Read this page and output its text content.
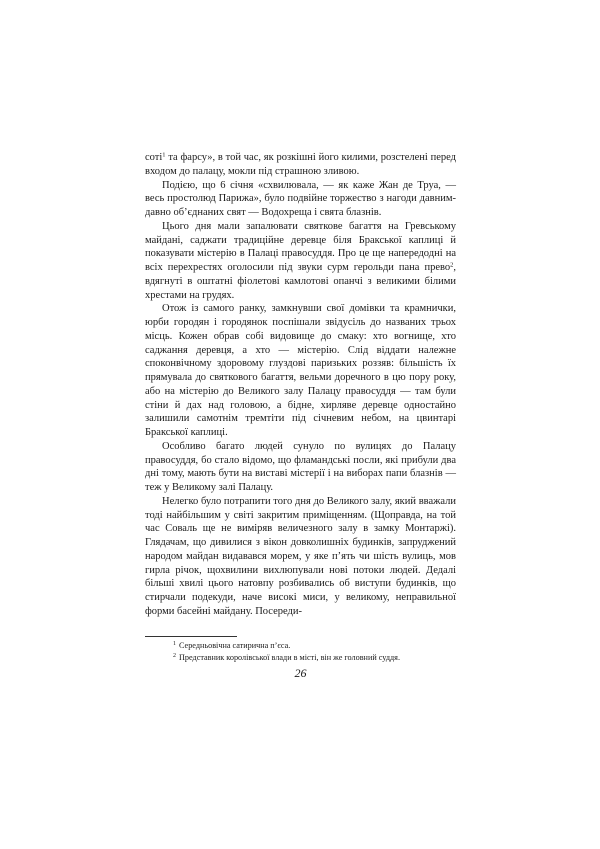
соті$^1$ та фарсу», в той час, як розкішні його килими, розстелені перед входом до палацу, мокли під страшною зливою.

Подією, що 6 січня «схвилювала, — як каже Жан де Труа, — весь простолюд Парижа», було подвійне торжество з нагоди давним-давно об’єднаних свят — Водохреща і свята блазнів.

Цього дня мали запалювати святкове багаття на Гревському майдані, саджати традиційне деревце біля Бракської каплиці й показувати містерію в Палаці правосуддя. Про це ще напередодні на всіх перехрестях оголосили під звуки сурм герольди пана прево$^2$, вдягнуті в оштатні фіолетові камлотові опанчі з великими білими хрестами на грудях.

Отож із самого ранку, замкнувши свої домівки та крамнички, юрби городян і городянок поспішали звідусіль до названих трьох місць. Кожен обрав собі видовище до смаку: хто вогнище, хто саджання деревця, а хто — містерію. Слід віддати належне споконвічному здоровому глуздові паризьких роззяв: більшість їх прямувала до святкового багаття, вельми доречного в цю пору року, або на містерію до Великого залу Палацу правосуддя — там були стіни й дах над головою, а бідне, хирляве деревце одностайно залишили самотнім тремтіти під січневим небом, на цвинтарі Бракської каплиці.

Особливо багато людей сунуло по вулицях до Палацу правосуддя, бо стало відомо, що фламандські посли, які прибули два дні тому, мають бути на виставі містерії і на виборах папи блазнів — теж у Великому залі Палацу.

Нелегко було потрапити того дня до Великого залу, який вважали тоді найбільшим у світі закритим приміщенням. (Щоправда, на той час Соваль ще не виміряв величезного залу в замку Монтаржі). Глядачам, що дивилися з вікон довколишніх будинків, запруджений народом майдан видавався морем, у яке п’ять чи шість вулиць, мов гирла річок, щохвилини вихлюпували нові потоки людей. Дедалі більші хвилі цього натовпу розбивались об виступи будинків, що стирчали подекуди, наче високі миси, у великому, неправильної форми басейні майдану. Посереди-

$^1$ Середньовічна сатирична п’єса.
$^2$ Представник королівської влади в місті, він же головний суддя.
26
